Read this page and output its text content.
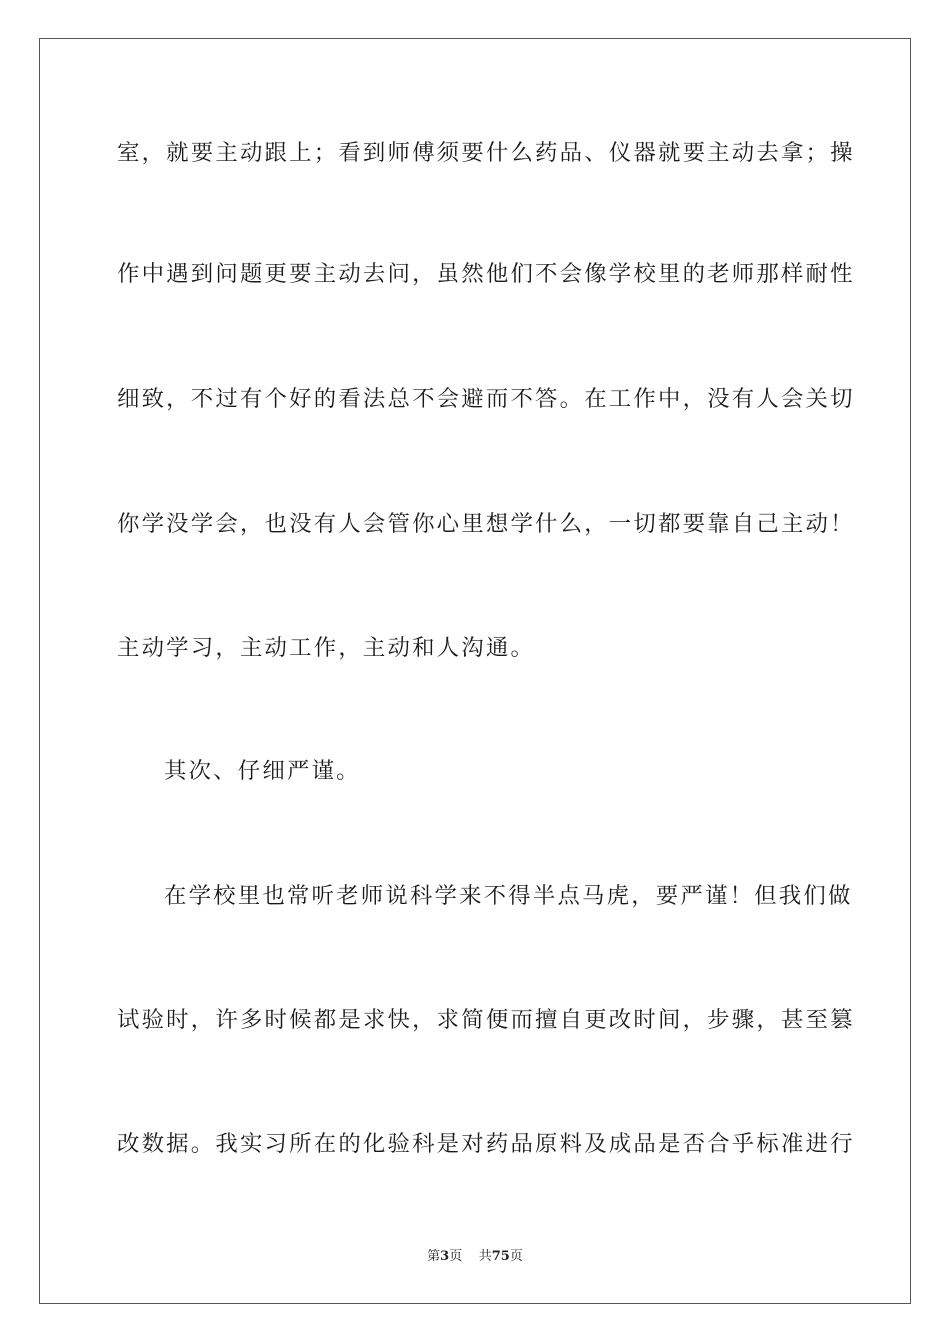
室，就要主动跟上；看到师傅须要什么药品、仪器就要主动去拿；操
作中遇到问题更要主动去问，虽然他们不会像学校里的老师那样耐性
细致，不过有个好的看法总不会避而不答。在工作中，没有人会关切
你学没学会，也没有人会管你心里想学什么，一切都要靠自己主动！
主动学习，主动工作，主动和人沟通。
其次、仔细严谨。
在学校里也常听老师说科学来不得半点马虎，要严谨！但我们做
试验时，许多时候都是求快，求简便而擅自更改时间，步骤，甚至篡
改数据。我实习所在的化验科是对药品原料及成品是否合乎标准进行
第3页 共75页
